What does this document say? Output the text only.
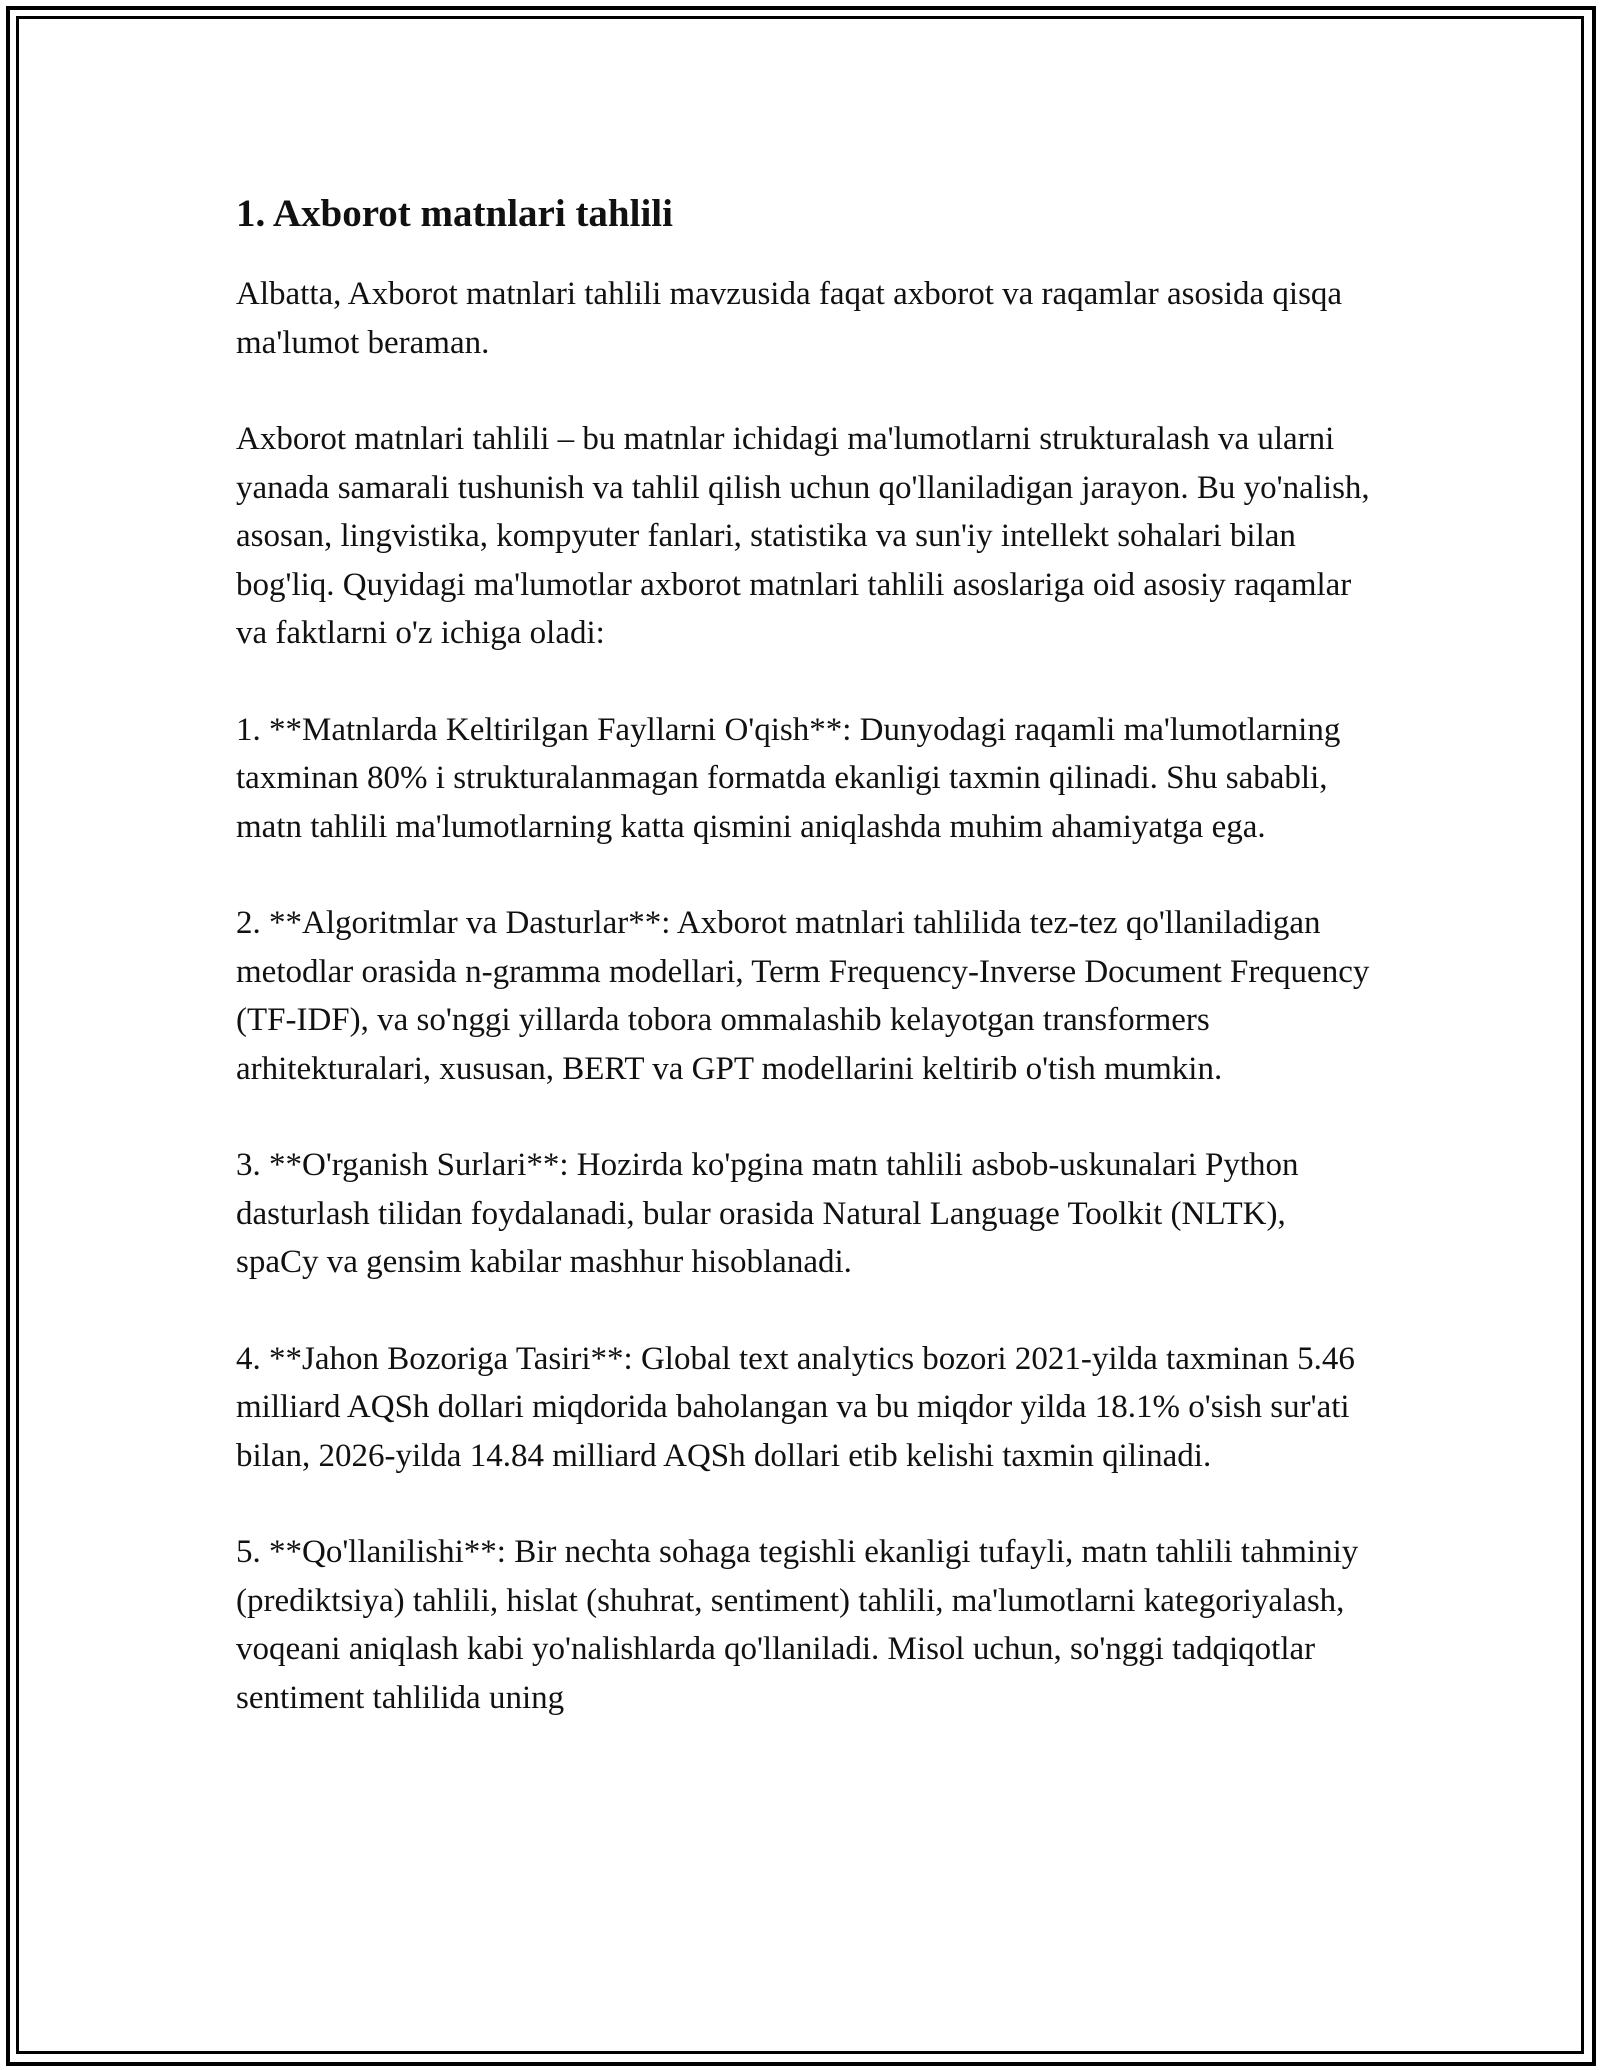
1. Axborot matnlari tahlili

Albatta, Axborot matnlari tahlili mavzusida faqat axborot va raqamlar asosida qisqa ma'lumot beraman.

Axborot matnlari tahlili – bu matnlar ichidagi ma'lumotlarni strukturalash va ularni yanada samarali tushunish va tahlil qilish uchun qo'llaniladigan jarayon. Bu yo'nalish, asosan, lingvistika, kompyuter fanlari, statistika va sun'iy intellekt sohalari bilan bog'liq. Quyidagi ma'lumotlar axborot matnlari tahlili asoslariga oid asosiy raqamlar va faktlarni o'z ichiga oladi:

1. **Matnlarda Keltirilgan Fayllarni O'qish**: Dunyodagi raqamli ma'lumotlarning taxminan 80% i strukturalanmagan formatda ekanligi taxmin qilinadi. Shu sababli, matn tahlili ma'lumotlarning katta qismini aniqlashda muhim ahamiyatga ega.

2. **Algoritmlar va Dasturlar**: Axborot matnlari tahlilida tez-tez qo'llaniladigan metodlar orasida n-gramma modellari, Term Frequency-Inverse Document Frequency (TF-IDF), va so'nggi yillarda tobora ommalashib kelayotgan transformers arhitekturalari, xususan, BERT va GPT modellarini keltirib o'tish mumkin.

3. **O'rganish Surlari**: Hozirda ko'pgina matn tahlili asbob-uskunalari Python dasturlash tilidan foydalanadi, bular orasida Natural Language Toolkit (NLTK), spaCy va gensim kabilar mashhur hisoblanadi.

4. **Jahon Bozoriga Tasiri**: Global text analytics bozori 2021-yilda taxminan 5.46 milliard AQSh dollari miqdorida baholangan va bu miqdor yilda 18.1% o'sish sur'ati bilan, 2026-yilda 14.84 milliard AQSh dollari etib kelishi taxmin qilinadi.

5. **Qo'llanilishi**: Bir nechta sohaga tegishli ekanligi tufayli, matn tahlili tahminiy (prediktsiya) tahlili, hislat (shuhrat, sentiment) tahlili, ma'lumotlarni kategoriyalash, voqeani aniqlash kabi yo'nalishlarda qo'llaniladi. Misol uchun, so'nggi tadqiqotlar sentiment tahlilida uning
